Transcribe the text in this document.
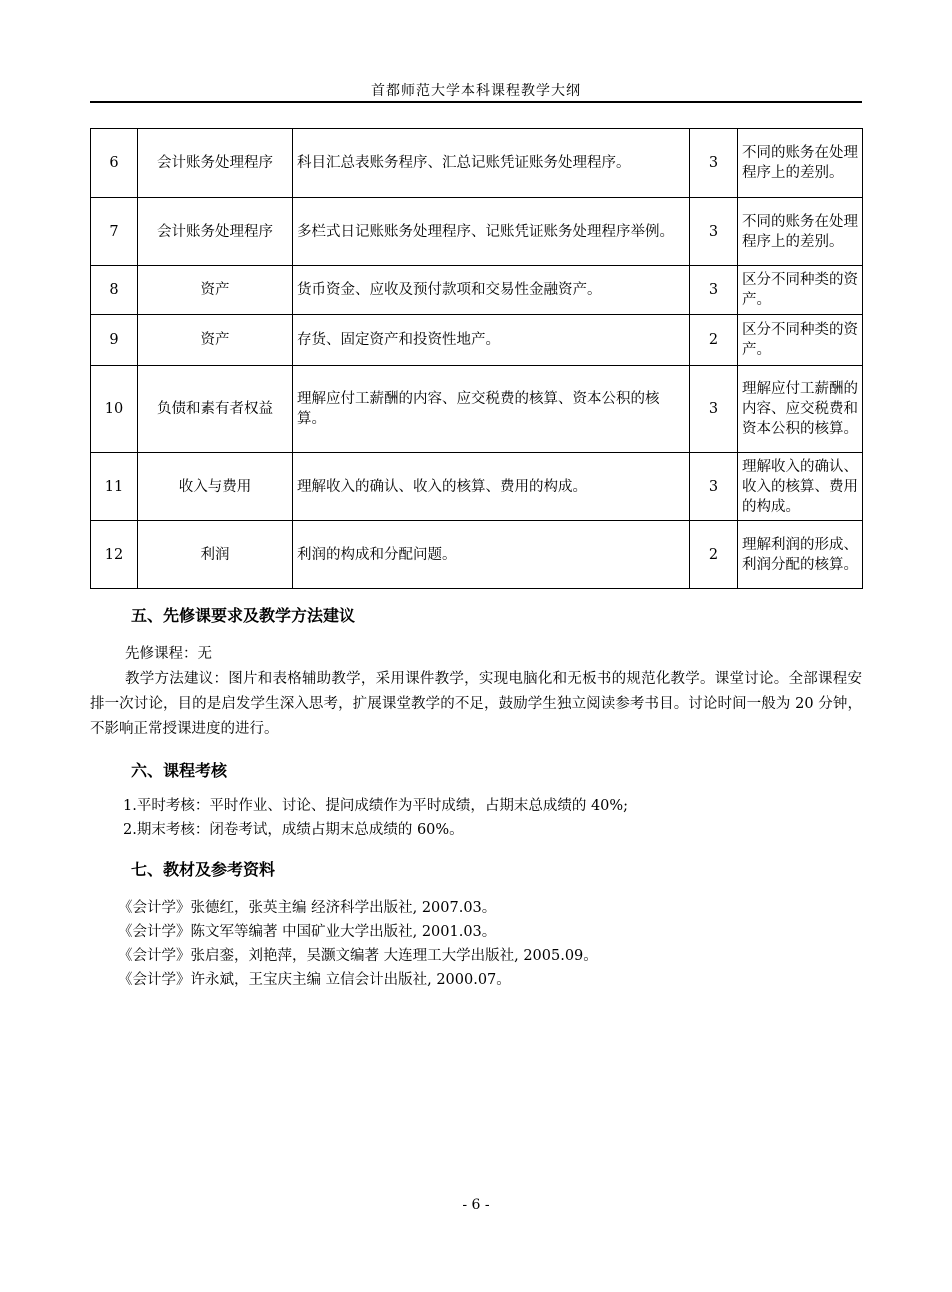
首都师范大学本科课程教学大纲
6	会计账务处理程序	科目汇总表账务程序、汇总记账凭证账务处理程序。	3	不同的账务在处理程序上的差别。
7	会计账务处理程序	多栏式日记账账务处理程序、记账凭证账务处理程序举例。	3	不同的账务在处理程序上的差别。
8	资产	货币资金、应收及预付款项和交易性金融资产。	3	区分不同种类的资产。
9	资产	存货、固定资产和投资性地产。	2	区分不同种类的资产。
10	负债和素有者权益	理解应付工薪酬的内容、应交税费的核算、资本公积的核算。	3	理解应付工薪酬的内容、应交税费和资本公积的核算。
11	收入与费用	理解收入的确认、收入的核算、费用的构成。	3	理解收入的确认、收入的核算、费用的构成。
12	利润	利润的构成和分配问题。	2	理解利润的形成、利润分配的核算。
五、先修课要求及教学方法建议
先修课程：无
教学方法建议：图片和表格辅助教学，采用课件教学，实现电脑化和无板书的规范化教学。课堂讨论。全部课程安排一次讨论，目的是启发学生深入思考，扩展课堂教学的不足，鼓励学生独立阅读参考书目。讨论时间一般为 20 分钟，不影响正常授课进度的进行。
六、课程考核
1.平时考核：平时作业、讨论、提问成绩作为平时成绩，占期末总成绩的 40%;
2.期末考核：闭卷考试，成绩占期末总成绩的 60%。
七、教材及参考资料
《会计学》张德红，张英主编 经济科学出版社, 2007.03。
《会计学》陈文军等编著 中国矿业大学出版社, 2001.03。
《会计学》张启銮，刘艳萍，吴灏文编著 大连理工大学出版社, 2005.09。
《会计学》许永斌，王宝庆主编 立信会计出版社, 2000.07。
- 6 -
